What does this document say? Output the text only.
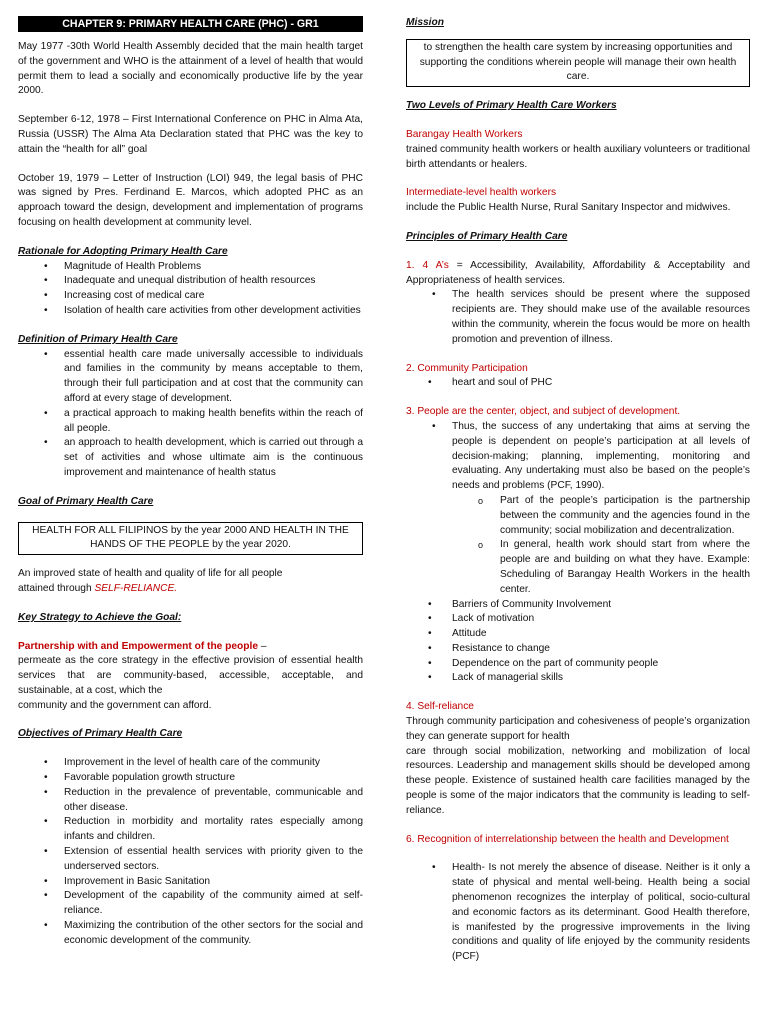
CHAPTER 9: PRIMARY HEALTH CARE (PHC) - GR1

May 1977 -30th World Health Assembly decided that the main health target of the government and WHO is the attainment of a level of health that would permit them to lead a socially and economically productive life by the year 2000.

September 6-12, 1978 – First International Conference on PHC in Alma Ata, Russia (USSR) The Alma Ata Declaration stated that PHC was the key to attain the “health for all” goal

October 19, 1979 – Letter of Instruction (LOI) 949, the legal basis of PHC was signed by Pres. Ferdinand E. Marcos, which adopted PHC as an approach toward the design, development and implementation of programs focusing on health development at community level.

Rationale for Adopting Primary Health Care

• Magnitude of Health Problems
• Inadequate and unequal distribution of health resources
• Increasing cost of medical care
• Isolation of health care activities from other development activities

Definition of Primary Health Care

• essential health care made universally accessible to individuals and families in the community by means acceptable to them, through their full participation and at cost that the community can afford at every stage of development.
• a practical approach to making health benefits within the reach of all people.
• an approach to health development, which is carried out through a set of activities and whose ultimate aim is the continuous improvement and maintenance of health status

Goal of Primary Health Care

HEALTH FOR ALL FILIPINOS by the year 2000 AND HEALTH IN THE HANDS OF THE PEOPLE by the year 2020.

An improved state of health and quality of life for all people

attained through SELF-RELIANCE.

Key Strategy to Achieve the Goal:

Partnership with and Empowerment of the people –

permeate as the core strategy in the effective provision of essential health services that are community-based, accessible, acceptable, and sustainable, at a cost, which the

community and the government can afford.

Objectives of Primary Health Care

• Improvement in the level of health care of the community
• Favorable population growth structure
• Reduction in the prevalence of preventable, communicable and other disease.
• Reduction in morbidity and mortality rates especially among infants and children.
• Extension of essential health services with priority given to the underserved sectors.
• Improvement in Basic Sanitation
• Development of the capability of the community aimed at self-reliance.
• Maximizing the contribution of the other sectors for the social and economic development of the community.

Mission

to strengthen the health care system by increasing opportunities and supporting the conditions wherein people will manage their own health care.

Two Levels of Primary Health Care Workers

Barangay Health Workers

trained community health workers or health auxiliary volunteers or traditional birth attendants or healers.

Intermediate-level health workers

include the Public Health Nurse, Rural Sanitary Inspector and midwives.

Principles of Primary Health Care

1. 4 A’s = Accessibility, Availability, Affordability & Acceptability and Appropriateness of health services.

• The health services should be present where the supposed recipients are. They should make use of the available resources within the community, wherein the focus would be more on health promotion and prevention of illness.

2. Community Participation

• heart and soul of PHC

3. People are the center, object, and subject of development.

• Thus, the success of any undertaking that aims at serving the people is dependent on people’s participation at all levels of decision-making; planning, implementing, monitoring and evaluating. Any undertaking must also be based on the people’s needs and problems (PCF, 1990).
o Part of the people’s participation is the partnership between the community and the agencies found in the community; social mobilization and decentralization.
o In general, health work should start from where the people are and building on what they have. Example: Scheduling of Barangay Health Workers in the health center.
• Barriers of Community Involvement
• Lack of motivation
• Attitude
• Resistance to change
• Dependence on the part of community people
• Lack of managerial skills

4. Self-reliance

Through community participation and cohesiveness of people’s organization they can generate support for health

care through social mobilization, networking and mobilization of local resources. Leadership and management skills should be developed among these people. Existence of sustained health care facilities managed by the people is some of the major indicators that the community is leading to self-reliance.

6. Recognition of interrelationship between the health and Development

• Health- Is not merely the absence of disease. Neither is it only a state of physical and mental well-being. Health being a social phenomenon recognizes the interplay of political, socio-cultural and economic factors as its determinant. Good Health therefore, is manifested by the progressive improvements in the living conditions and quality of life enjoyed by the community residents (PCF)
